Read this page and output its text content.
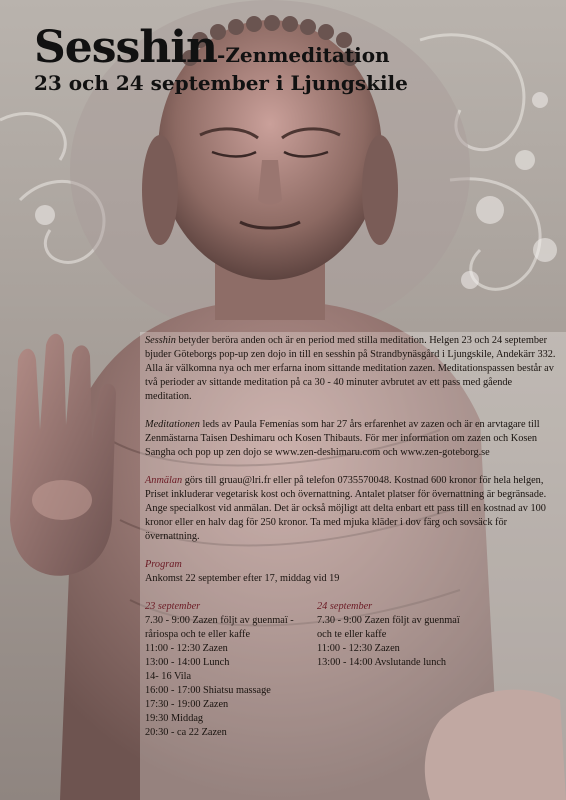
Sesshin-Zenmeditation
23 och 24 september i Ljungskile

Sesshin betyder beröra anden och är en period med stilla meditation. Helgen 23 och 24 september bjuder Göteborgs pop-up zen dojo in till en sesshin på Strandbynäsgård i Ljungskile, Andekärr 332. Alla är välkomna nya och mer erfarna inom sittande meditation zazen. Meditationspassen består av två perioder av sittande meditation på ca 30 - 40 minuter avbrutet av ett pass med gående meditation.

Meditationen leds av Paula Femenías som har 27 års erfarenhet av zazen och är en arvtagare till Zenmästarna Taisen Deshimaru och Kosen Thibauts. För mer information om zazen och Kosen Sangha och pop up zen dojo se www.zen-deshimaru.com och www.zen-goteborg.se

Anmälan görs till gruau@lri.fr eller på telefon 0735570048. Kostnad 600 kronor för hela helgen, Priset inkluderar vegetarisk kost och övernattning. Antalet platser för övernattning är begränsade. Ange specialkost vid anmälan. Det är också möjligt att delta enbart ett pass till en kostnad av 100 kronor eller en halv dag för 250 kronor. Ta med mjuka kläder i dov färg och sovsäck för övernattning.

Program
Ankomst 22 september efter 17, middag vid 19
23 september
7.30 - 9:00 Zazen följt av guenmaï -
råriospa och te eller kaffe
11:00 - 12:30 Zazen
13:00 - 14:00 Lunch
14- 16 Vila
16:00 - 17:00 Shiatsu massage
17:30 - 19:00 Zazen
19:30 Middag
20:30 - ca 22 Zazen
24 september
7.30 - 9:00 Zazen följt av guenmaï
och te eller kaffe
11:00 - 12:30 Zazen
13:00 - 14:00 Avslutande lunch
